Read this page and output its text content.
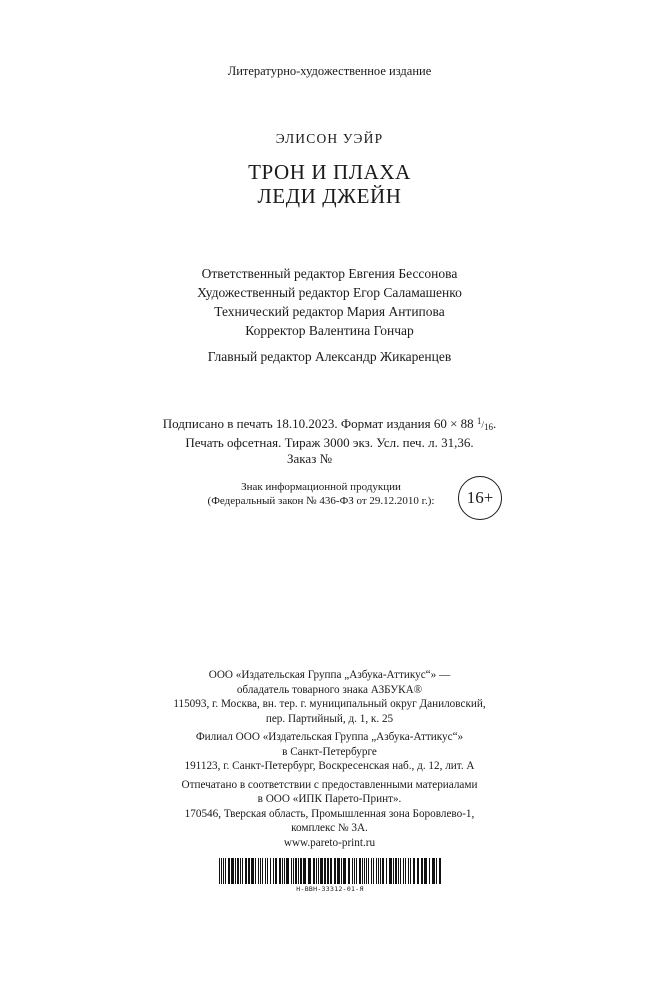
Литературно-художественное издание
ЭЛИСОН УЭЙР
ТРОН И ПЛАХА
ЛЕДИ ДЖЕЙН
Ответственный редактор Евгения Бессонова
Художественный редактор Егор Саламашенко
Технический редактор Мария Антипова
Корректор Валентина Гончар
Главный редактор Александр Жикаренцев
Подписано в печать 18.10.2023. Формат издания 60 × 88 $^1$/16.
Печать офсетная. Тираж 3000 экз. Усл. печ. л. 31,36.
Заказ №
Знак информационной продукции
(Федеральный закон № 436-ФЗ от 29.12.2010 г.):	16+
ООО «Издательская Группа „Азбука-Аттикус“» —
обладатель товарного знака АЗБУКА®
115093, г. Москва, вн. тер. г. муниципальный округ Даниловский,
пер. Партийный, д. 1, к. 25
Филиал ООО «Издательская Группа „Азбука-Аттикус“»
в Санкт-Петербурге
191123, г. Санкт-Петербург, Воскресенская наб., д. 12, лит. А
Отпечатано в соответствии с предоставленными материалами
в ООО «ИПК Парето-Принт».
170546, Тверская область, Промышленная зона Боровлево-1,
комплекс № 3А.
www.pareto-print.ru
Н-ВВН-33312-01-Я
